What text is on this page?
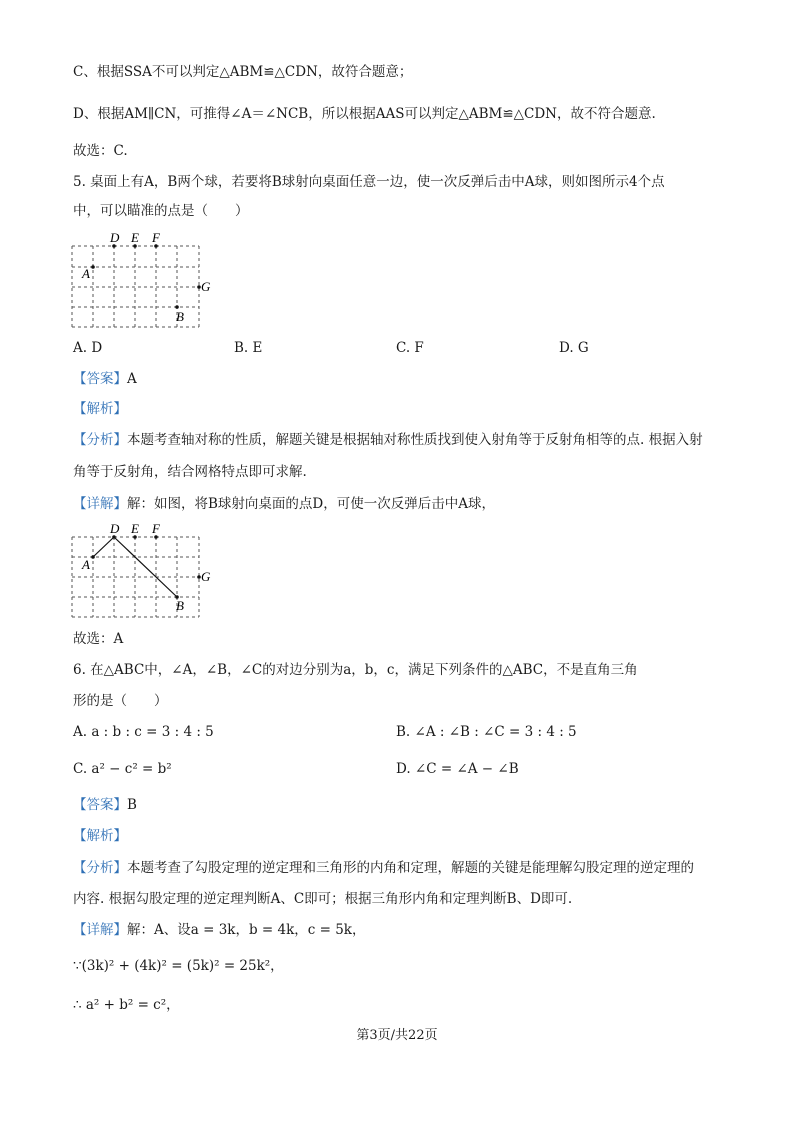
C、根据SSA不可以判定△ABM≌△CDN，故符合题意；
D、根据AM∥CN，可推得∠A＝∠NCB，所以根据AAS可以判定△ABM≌△CDN，故不符合题意.
故选：C.
5. 桌面上有A，B两个球，若要将B球射向桌面任意一边，使一次反弹后击中A球，则如图所示4个点
中，可以瞄准的点是（　　）
D E F
A
G
B
A. D	B. E	C. F	D. G
【答案】A
【解析】
【分析】本题考查轴对称的性质，解题关键是根据轴对称性质找到使入射角等于反射角相等的点. 根据入射
角等于反射角，结合网格特点即可求解.
【详解】解：如图，将B球射向桌面的点D，可使一次反弹后击中A球，
D E F
A
G
B
故选：A
6. 在△ABC中，∠A，∠B，∠C的对边分别为a，b，c，满足下列条件的△ABC，不是直角三角
形的是（　　）
A. a : b : c = 3 : 4 : 5	B. ∠A : ∠B : ∠C = 3 : 4 : 5
C. a² − c² = b²	D. ∠C = ∠A − ∠B
【答案】B
【解析】
【分析】本题考查了勾股定理的逆定理和三角形的内角和定理，解题的关键是能理解勾股定理的逆定理的
内容. 根据勾股定理的逆定理判断A、C即可；根据三角形内角和定理判断B、D即可.
【详解】解：A、设a = 3k，b = 4k，c = 5k，
∵(3k)² + (4k)² = (5k)² = 25k²，
∴ a² + b² = c²，
第3页/共22页
